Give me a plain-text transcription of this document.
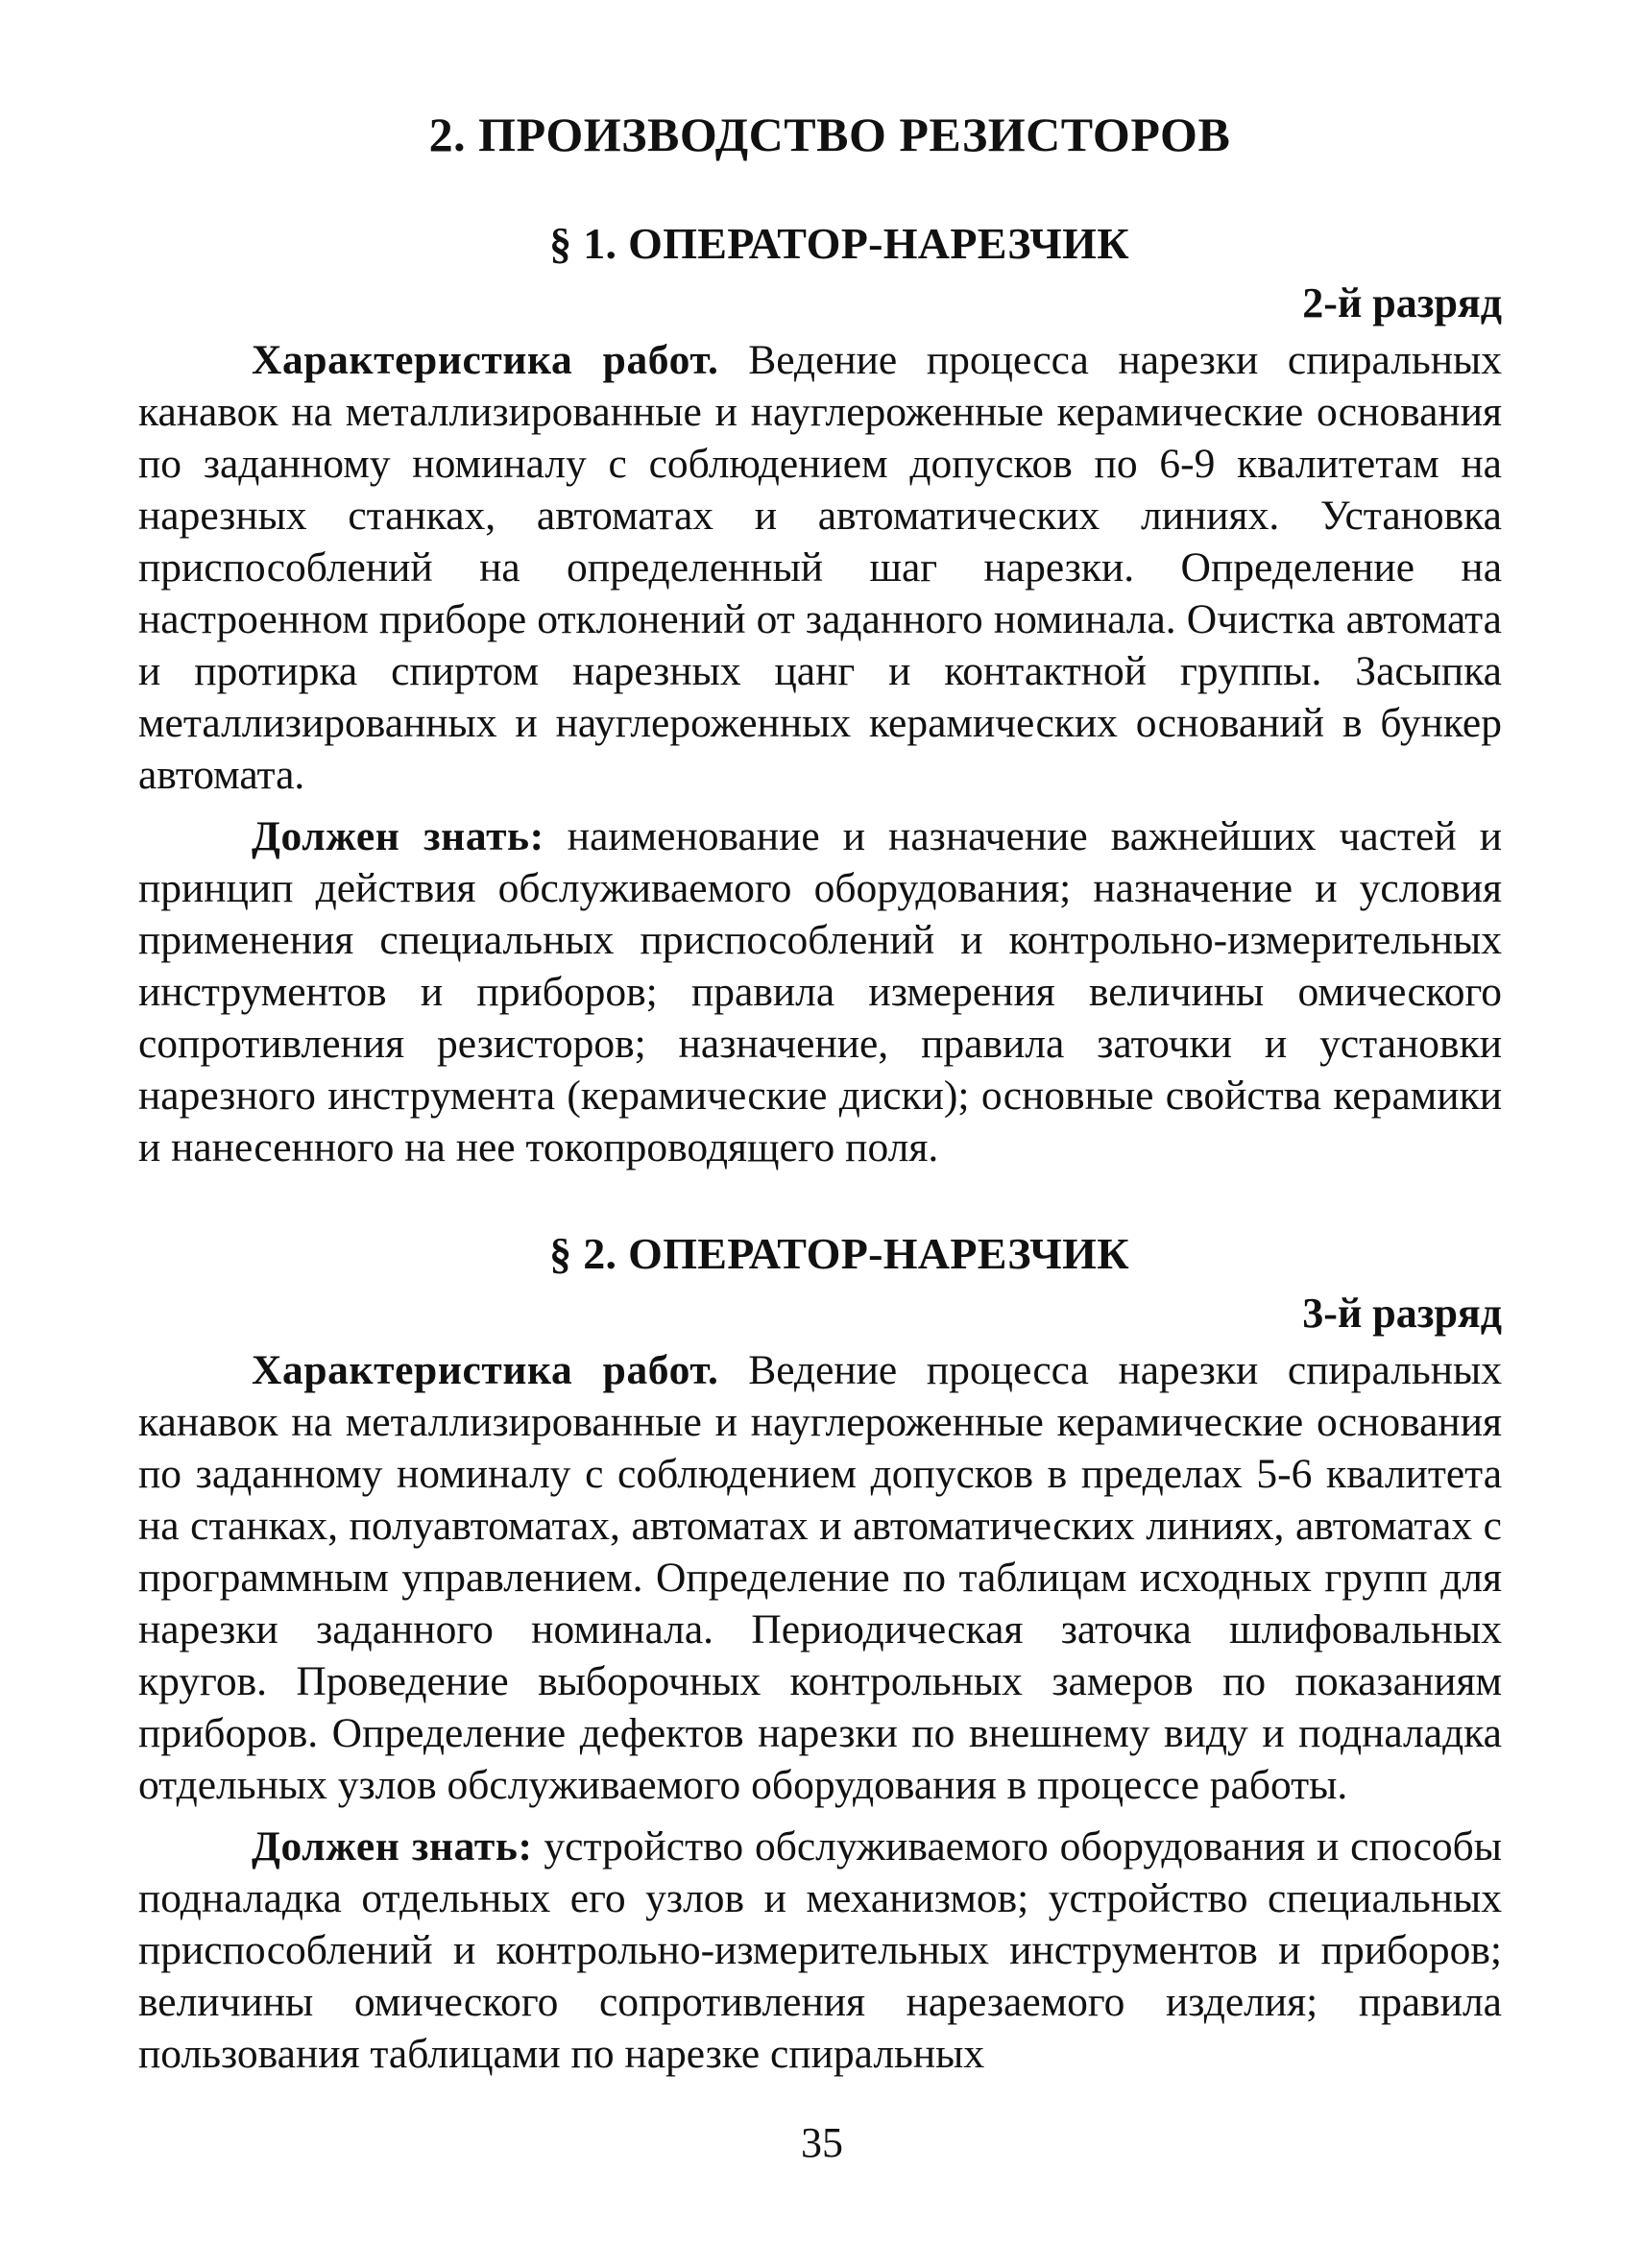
2. ПРОИЗВОДСТВО РЕЗИСТОРОВ
§ 1. ОПЕРАТОР-НАРЕЗЧИК
2-й разряд

Характеристика работ. Ведение процесса нарезки спиральных канавок на металлизированные и науглероженные керамические основания по заданному номиналу с соблюдением допусков по 6-9 квалитетам на нарезных станках, автоматах и автоматических линиях. Установка приспособлений на определенный шаг нарезки. Определение на настроенном приборе отклонений от заданного номинала. Очистка автомата и протирка спиртом нарезных цанг и контактной группы. Засыпка металлизированных и науглероженных керамических оснований в бункер автомата.

Должен знать: наименование и назначение важнейших частей и принцип действия обслуживаемого оборудования; назначение и условия применения специальных приспособлений и контрольно-измерительных инструментов и приборов; правила измерения величины омического сопротивления резисторов; назначение, правила заточки и установки нарезного инструмента (керамические диски); основные свойства керамики и нанесенного на нее токопроводящего поля.

§ 2. ОПЕРАТОР-НАРЕЗЧИК
3-й разряд

Характеристика работ. Ведение процесса нарезки спиральных канавок на металлизированные и науглероженные керамические основания по заданному номиналу с соблюдением допусков в пределах 5-6 квалитета на станках, полуавтоматах, автоматах и автоматических линиях, автоматах с программным управлением. Определение по таблицам исходных групп для нарезки заданного номинала. Периодическая заточка шлифовальных кругов. Проведение выборочных контрольных замеров по показаниям приборов. Определение дефектов нарезки по внешнему виду и подналадка отдельных узлов обслуживаемого оборудования в процессе работы.

Должен знать: устройство обслуживаемого оборудования и способы подналадка отдельных его узлов и механизмов; устройство специальных приспособлений и контрольно-измерительных инструментов и приборов; величины омического сопротивления нарезаемого изделия; правила пользования таблицами по нарезке спиральных

35
